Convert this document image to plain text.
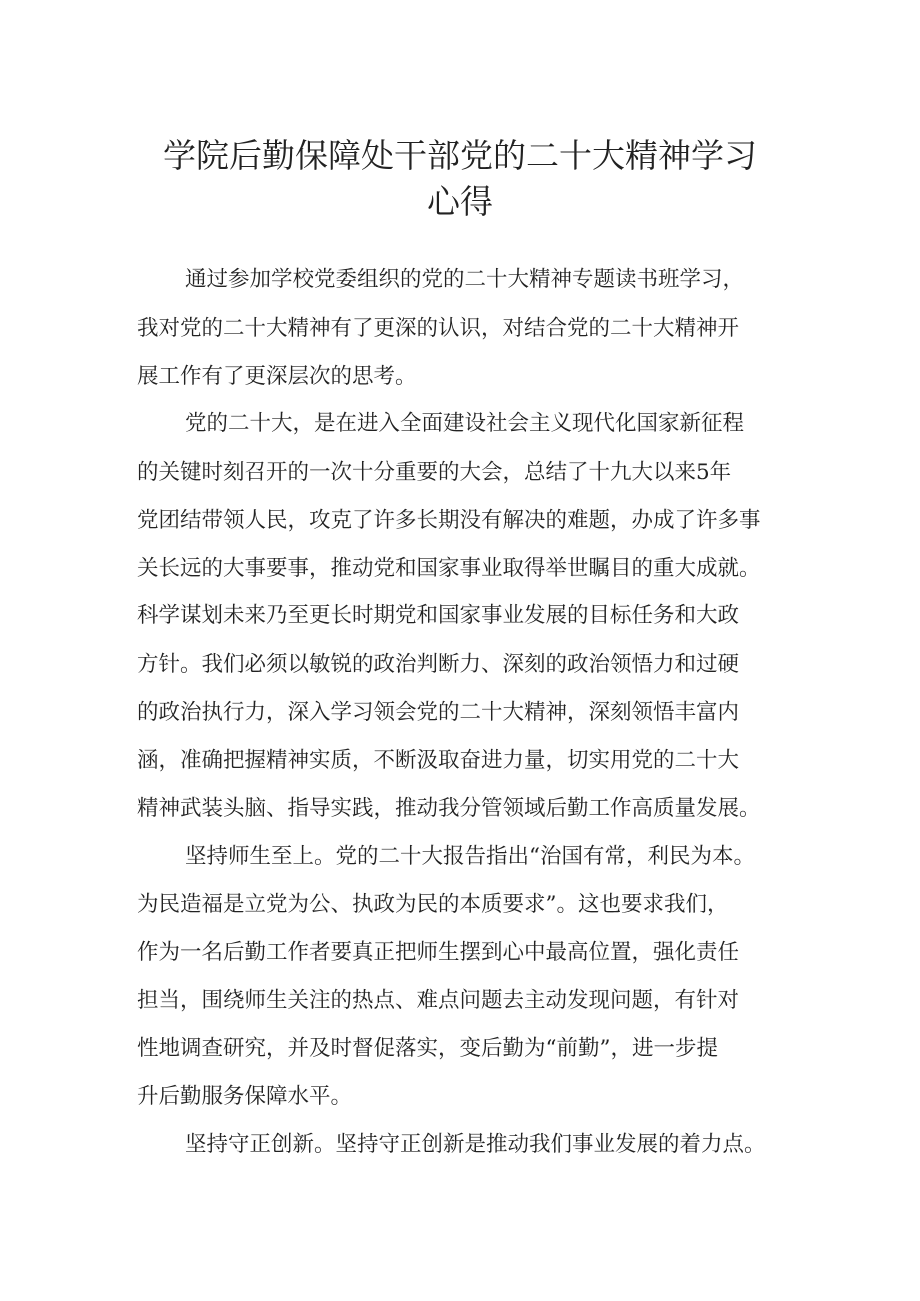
学院后勤保障处干部党的二十大精神学习
心得

通过参加学校党委组织的党的二十大精神专题读书班学习，

我对党的二十大精神有了更深的认识，对结合党的二十大精神开

展工作有了更深层次的思考。

党的二十大，是在进入全面建设社会主义现代化国家新征程

的关键时刻召开的一次十分重要的大会，总结了十九大以来5年

党团结带领人民，攻克了许多长期没有解决的难题，办成了许多事

关长远的大事要事，推动党和国家事业取得举世瞩目的重大成就。

科学谋划未来乃至更长时期党和国家事业发展的目标任务和大政

方针。我们必须以敏锐的政治判断力、深刻的政治领悟力和过硬

的政治执行力，深入学习领会党的二十大精神，深刻领悟丰富内

涵，准确把握精神实质，不断汲取奋进力量，切实用党的二十大

精神武装头脑、指导实践，推动我分管领域后勤工作高质量发展。

坚持师生至上。党的二十大报告指出“治国有常，利民为本。

为民造福是立党为公、执政为民的本质要求”。这也要求我们，

作为一名后勤工作者要真正把师生摆到心中最高位置，强化责任

担当，围绕师生关注的热点、难点问题去主动发现问题，有针对

性地调查研究，并及时督促落实，变后勤为“前勤”，进一步提

升后勤服务保障水平。

坚持守正创新。坚持守正创新是推动我们事业发展的着力点。
